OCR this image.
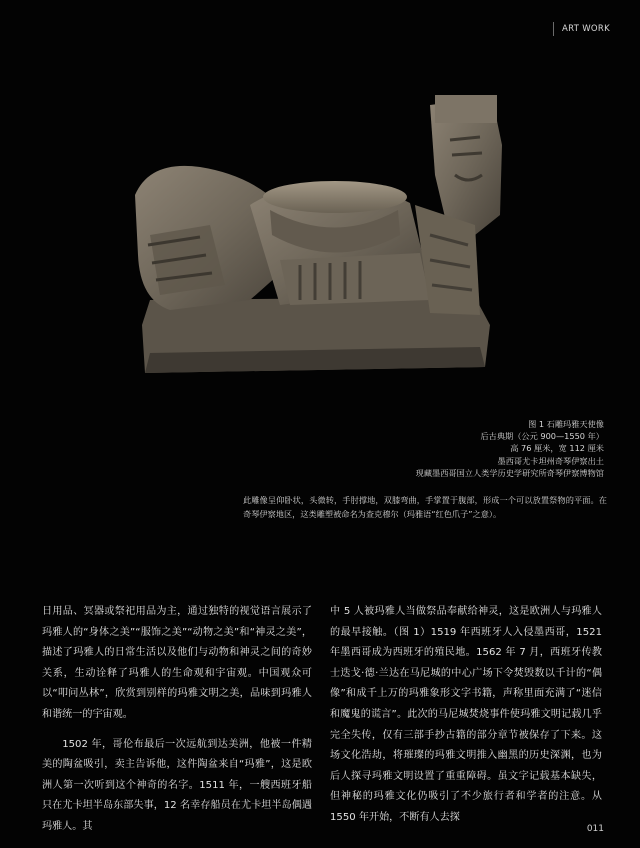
ART WORK
图 1 石雕玛雅天使像
后古典期（公元 900—1550 年）
高 76 厘米，宽 112 厘米
墨西哥尤卡坦州奇琴伊察出土
现藏墨西哥国立人类学历史学研究所奇琴伊察博物馆
此雕像呈仰卧状，头微转，手肘撑地，双膝弯曲，手掌置于腹部，形成一个可以放置祭物的平面。在奇琴伊察地区，这类雕塑被命名为查克穆尔（玛雅语“红色爪子”之意）。

日用品、冥器或祭祀用品为主，通过独特的视觉语言展示了玛雅人的“身体之美”“服饰之美”“动物之美”和“神灵之美”，描述了玛雅人的日常生活以及他们与动物和神灵之间的奇妙关系，生动诠释了玛雅人的生命观和宇宙观。中国观众可以“叩问丛林”，欣赏到别样的玛雅文明之美，品味到玛雅人和谐统一的宇宙观。

1502 年，哥伦布最后一次远航到达美洲，他被一件精美的陶盆吸引，卖主告诉他，这件陶盆来自“玛雅”，这是欧洲人第一次听到这个神奇的名字。1511 年，一艘西班牙船只在尤卡坦半岛东部失事，12 名幸存船员在尤卡坦半岛偶遇玛雅人。其

中 5 人被玛雅人当做祭品奉献给神灵，这是欧洲人与玛雅人的最早接触。（图 1）1519 年西班牙人入侵墨西哥，1521 年墨西哥成为西班牙的殖民地。1562 年 7 月，西班牙传教士迭戈·德·兰达在马尼城的中心广场下令焚毁数以千计的“偶像”和成千上万的玛雅象形文字书籍，声称里面充满了“迷信和魔鬼的谎言”。此次的马尼城焚烧事件使玛雅文明记载几乎完全失传，仅有三部手抄古籍的部分章节被保存了下来。这场文化浩劫，将璀璨的玛雅文明推入幽黑的历史深渊，也为后人探寻玛雅文明设置了重重障碍。虽文字记载基本缺失，但神秘的玛雅文化仍吸引了不少旅行者和学者的注意。从 1550 年开始，不断有人去探

011
